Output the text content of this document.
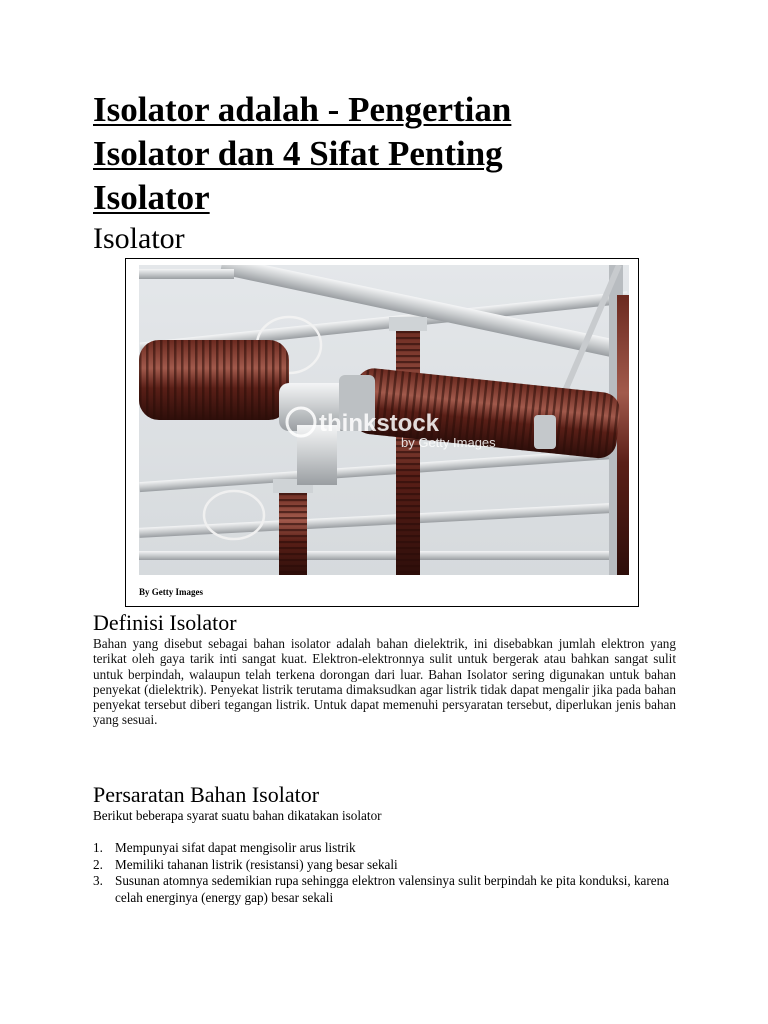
Isolator adalah - Pengertian
Isolator dan 4 Sifat Penting
Isolator
Isolator
thinkstock
by Getty Images
By Getty Images
Definisi Isolator

Bahan yang disebut sebagai bahan isolator adalah bahan dielektrik, ini disebabkan jumlah elektron yang terikat oleh gaya tarik inti sangat kuat. Elektron-elektronnya sulit untuk bergerak atau bahkan sangat sulit untuk berpindah, walaupun telah terkena dorongan dari luar. Bahan Isolator sering digunakan untuk bahan penyekat (dielektrik). Penyekat listrik terutama dimaksudkan agar listrik tidak dapat mengalir jika pada bahan penyekat tersebut diberi tegangan listrik. Untuk dapat memenuhi persyaratan tersebut, diperlukan jenis bahan yang sesuai.

Persaratan Bahan Isolator

Berikut beberapa syarat suatu bahan dikatakan isolator

1. Mempunyai sifat dapat mengisolir arus listrik
2. Memiliki tahanan listrik (resistansi) yang besar sekali
3. Susunan atomnya sedemikian rupa sehingga elektron valensinya sulit berpindah ke pita konduksi, karena celah energinya (energy gap) besar sekali
